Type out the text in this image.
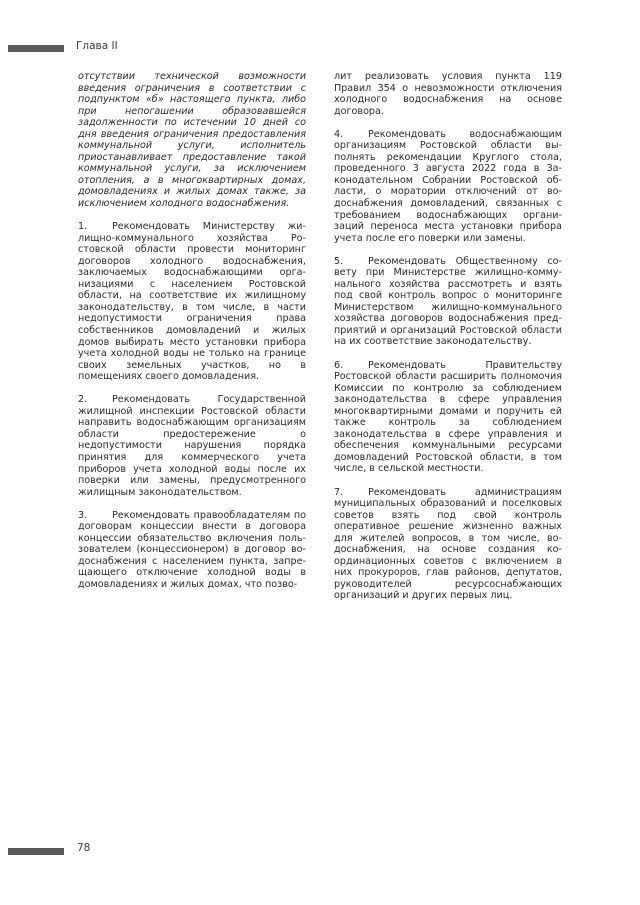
Глава II

отсутствии технической возможности введения ограничения в соответствии с подпунктом «б» настоящего пункта, либо при непогашении образовавшейся задолженности по истечении 10 дней со дня введения ограничения предоставления коммунальной услуги, исполнитель приостанавливает предоставление такой коммунальной услуги, за исключением отопления, а в многоквартирных домах, домовладениях и жилых домах также, за исключением холодного водоснабжения.

1.	Рекомендовать Министерству жилищно-коммунального хозяйства Ростовской области провести мониторинг договоров холодного водоснабжения, заключаемых водоснабжающими организациями с населением Ростовской области, на соответствие их жилищному законодательству, в том числе, в части недопустимости ограничения права собственников домовладений и жилых домов выбирать место установки прибора учета холодной воды не только на границе своих земельных участков, но в помещениях своего домовладения.

2.	Рекомендовать Государственной жилищной инспекции Ростовской области направить водоснабжающим организациям области предостережение о недопустимости нарушения порядка принятия для коммерческого учета приборов учета холодной воды после их поверки или замены, предусмотренного жилищным законодательством.

3.	Рекомендовать правообладателям по договорам концессии внести в договора концессии обязательство включения пользователем (концессионером) в договор водоснабжения с населением пункта, запрещающего отключение холодной воды в домовладениях и жилых домах, что позво-

лит реализовать условия пункта 119 Правил 354 о невозможности отключения холодного водоснабжения на основе договора.

4.	Рекомендовать водоснабжающим организациям Ростовской области выполнять рекомендации Круглого стола, проведенного 3 августа 2022 года в Законодательном Собрании Ростовской области, о моратории отключений от водоснабжения домовладений, связанных с требованием водоснабжающих организаций переноса места установки прибора учета после его поверки или замены.

5.	Рекомендовать Общественному совету при Министерстве жилищно-коммунального хозяйства рассмотреть и взять под свой контроль вопрос о мониторинге Министерством жилищно-коммунального хозяйства договоров водоснабжения предприятий и организаций Ростовской области на их соответствие законодательству.

6.	Рекомендовать Правительству Ростовской области расширить полномочия Комиссии по контролю за соблюдением законодательства в сфере управления многоквартирными домами и поручить ей также контроль за соблюдением законодательства в сфере управления и обеспечения коммунальными ресурсами домовладений Ростовской области, в том числе, в сельской местности.

7.	Рекомендовать администрациям муниципальных образований и поселковых советов взять под свой контроль оперативное решение жизненно важных для жителей вопросов, в том числе, водоснабжения, на основе создания координационных советов с включением в них прокуроров, глав районов, депутатов, руководителей ресурсоснабжающих организаций и других первых лиц.

78
